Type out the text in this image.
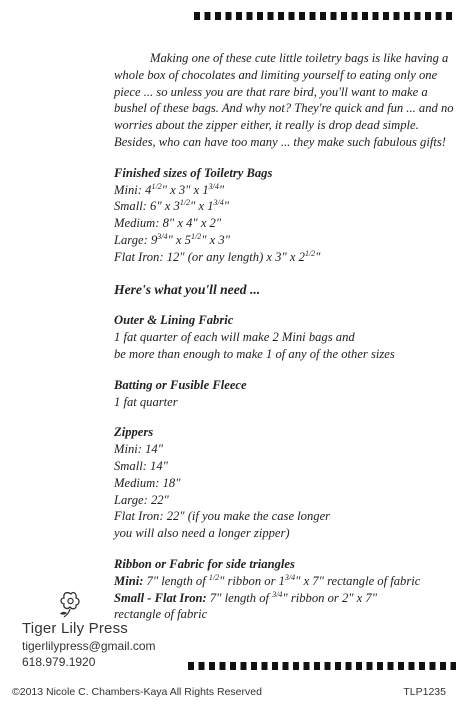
Making one of these cute little toiletry bags is like having a whole box of chocolates and limiting yourself to eating only one piece ... so unless you are that rare bird, you'll want to make a bushel of these bags. And why not? They're quick and fun ... and no worries about the zipper either, it really is drop dead simple. Besides, who can have too many ... they make such fabulous gifts!

Finished sizes of Toiletry Bags
Mini: $4^{1/2}$" x 3" x $1^{3/4}$"
Small: 6" x $3^{1/2}$" x $1^{3/4}$"
Medium: 8" x 4" x 2"
Large: $9^{3/4}$" x $5^{1/2}$" x 3"
Flat Iron: 12" (or any length) x 3" x $2^{1/2}$"
Here's what you'll need ...
Outer & Lining Fabric
1 fat quarter of each will make 2 Mini bags and
be more than enough to make 1 of any of the other sizes
Batting or Fusible Fleece
1 fat quarter
Zippers
Mini: 14"
Small: 14"
Medium: 18"
Large: 22"
Flat Iron: 22" (if you make the case longer
you will also need a longer zipper)
Ribbon or Fabric for side triangles
Mini: 7" length of $^{1/2}$" ribbon or $1^{3/4}$" x 7" rectangle of fabric
Small - Flat Iron: 7" length of $^{3/4}$" ribbon or 2" x 7"
rectangle of fabric
Tiger Lily Press
tigerlilypress@gmail.com
618.979.1920
©2013 Nicole C. Chambers-Kaya All Rights Reserved	TLP1235
